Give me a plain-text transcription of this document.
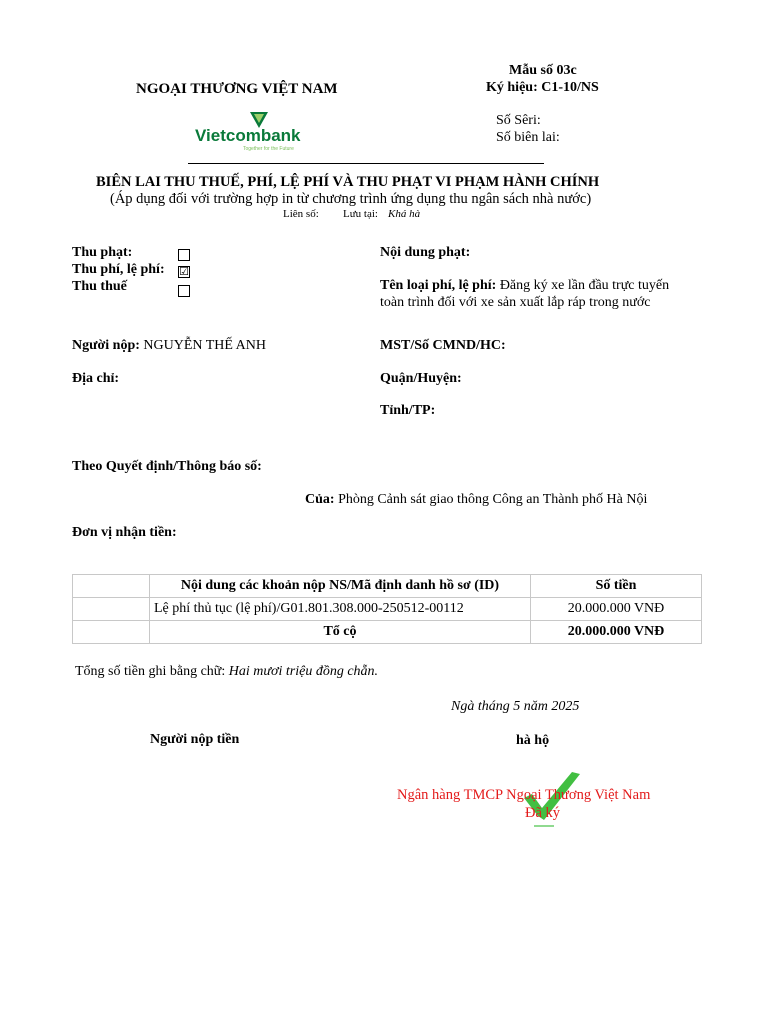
NGOẠI THƯƠNG VIỆT NAM
Vietcombank
Together for the Future
Mẫu số 03c
Ký hiệu: C1-10/NS
Số Sêri:
Số biên lai:
BIÊN LAI THU THUẾ, PHÍ, LỆ PHÍ VÀ THU PHẠT VI PHẠM HÀNH CHÍNH
(Áp dụng đối với trường hợp in từ chương trình ứng dụng thu ngân sách nhà nước)
Liên số: Lưu tại: Khá hà
Thu phạt:
Thu phí, lệ phí: ☑
Thu thuế
Nội dung phạt:
Tên loại phí, lệ phí: Đăng ký xe lần đầu trực tuyến
toàn trình đối với xe sản xuất lắp ráp trong nước
Người nộp: NGUYỄN THẾ ANH	MST/Số CMND/HC:
Địa chỉ:	Quận/Huyện:
Tỉnh/TP:
Theo Quyết định/Thông báo số:
Của: Phòng Cảnh sát giao thông Công an Thành phố Hà Nội
Đơn vị nhận tiền:
	Nội dung các khoản nộp NS/Mã định danh hồ sơ (ID)	Số tiền
	Lệ phí thủ tục (lệ phí)/G01.801.308.000-250512-00112	20.000.000 VNĐ
	Tổ cộ	20.000.000 VNĐ
Tổng số tiền ghi bằng chữ: Hai mươi triệu đồng chẵn.
Ngà tháng 5 năm 2025
Người nộp tiền	hà hộ
Ngân hàng TMCP Ngoại Thương Việt Nam
Đã ký
